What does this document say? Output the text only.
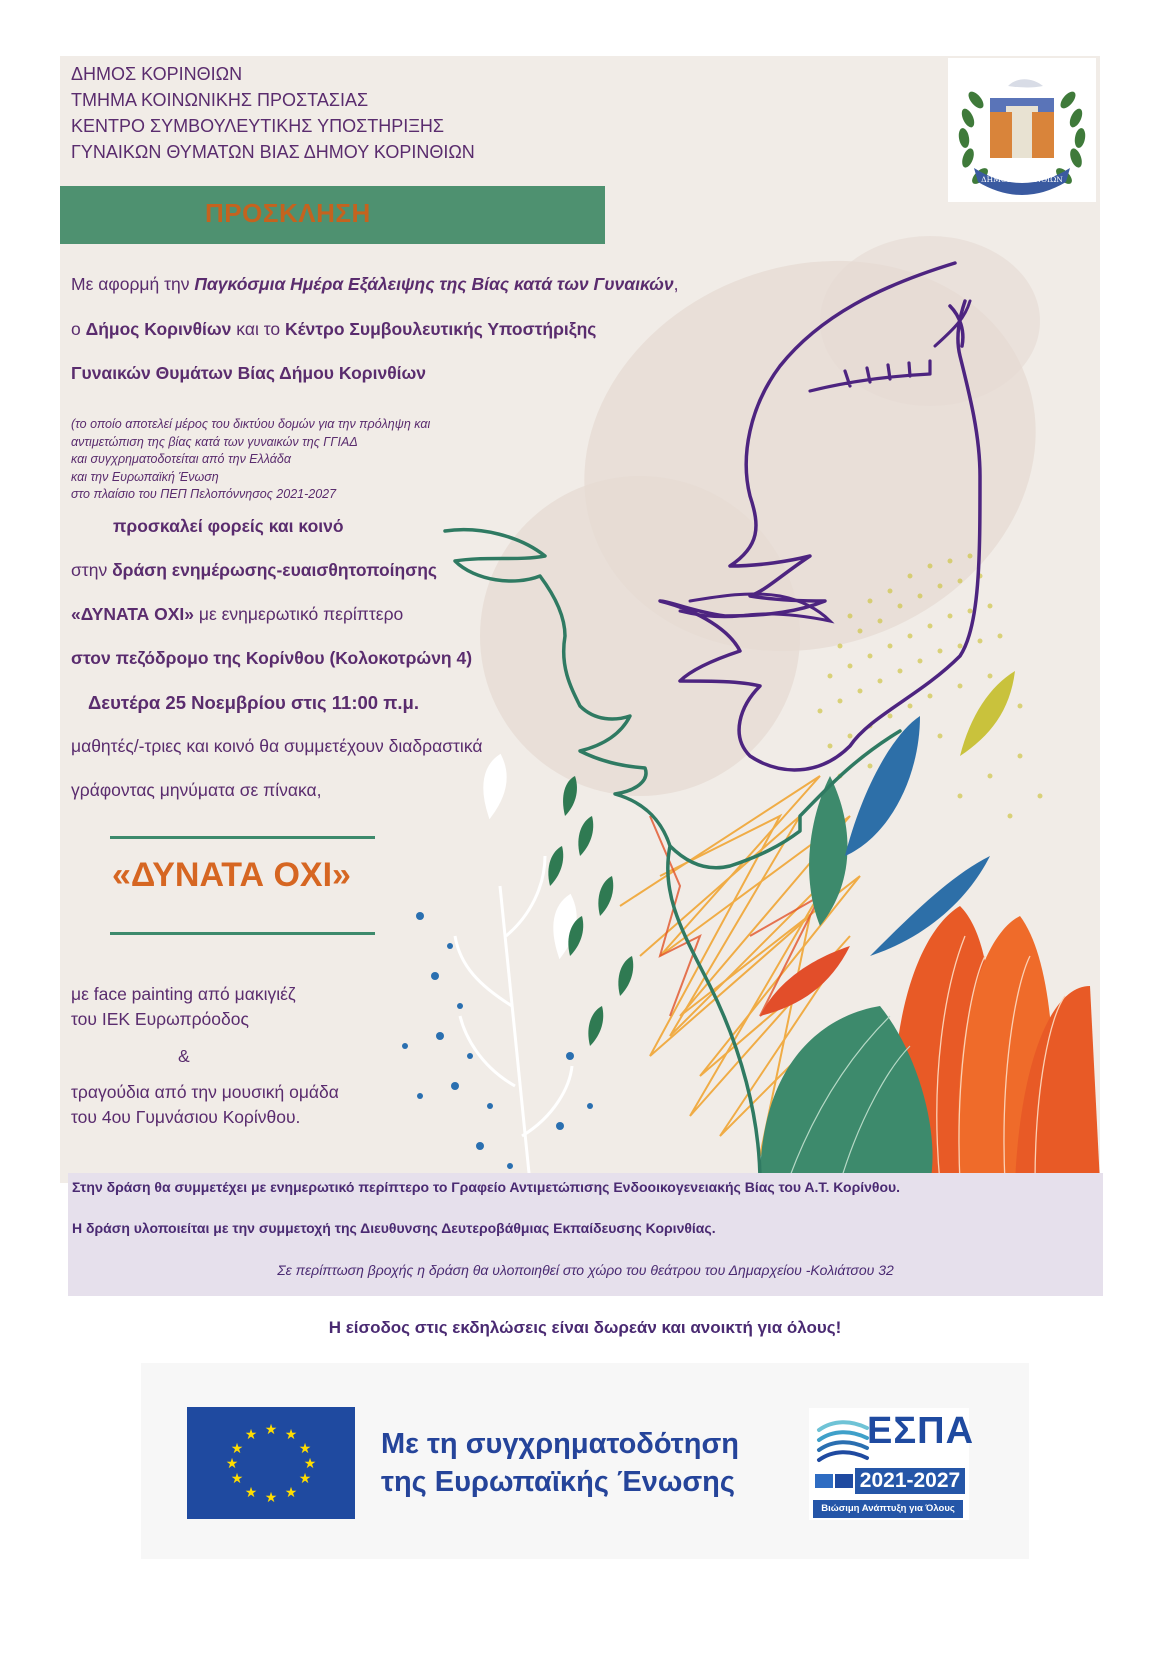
ΔΗΜΟΣ ΚΟΡΙΝΘΙΩΝ
ΤΜΗΜΑ ΚΟΙΝΩΝΙΚΗΣ ΠΡΟΣΤΑΣΙΑΣ
ΚΕΝΤΡΟ ΣΥΜΒΟΥΛΕΥΤΙΚΗΣ ΥΠΟΣΤΗΡΙΞΗΣ
ΓΥΝΑΙΚΩΝ ΘΥΜΑΤΩΝ ΒΙΑΣ ΔΗΜΟΥ ΚΟΡΙΝΘΙΩΝ
ΔΗΜΟΣ ΚΟΡΙΝΘΙΩΝ
ΠΡΟΣΚΛΗΣΗ
Με αφορμή την Παγκόσμια Ημέρα Εξάλειψης της Βίας κατά των Γυναικών,
ο Δήμος Κορινθίων και το Κέντρο Συμβουλευτικής Υποστήριξης
Γυναικών Θυμάτων Βίας Δήμου Κορινθίων
(το οποίο αποτελεί μέρος του δικτύου δομών για την πρόληψη και
αντιμετώπιση της βίας κατά των γυναικών της ΓΓΙΑΔ
και συγχρηματοδοτείται από την Ελλάδα
και την Ευρωπαϊκή Ένωση
στο πλαίσιο του ΠΕΠ Πελοπόννησος 2021-2027
προσκαλεί φορείς και κοινό
στην δράση ενημέρωσης-ευαισθητοποίησης
«ΔΥΝΑΤΑ ΟΧΙ» με ενημερωτικό περίπτερο
στον πεζόδρομο της Κορίνθου (Κολοκοτρώνη 4)
Δευτέρα 25 Νοεμβρίου στις 11:00 π.μ.
μαθητές/-τριες και κοινό θα συμμετέχουν διαδραστικά
γράφοντας μηνύματα σε πίνακα,
«ΔΥΝΑΤΑ ΟΧΙ»
με face painting από μακιγιέζ
του ΙΕΚ Ευρωπρόοδος
&
τραγούδια από την μουσική ομάδα
του 4ου Γυμνάσιου Κορίνθου.
Στην δράση θα συμμετέχει με ενημερωτικό περίπτερο το Γραφείο Αντιμετώπισης Ενδοοικογενειακής Βίας του Α.Τ. Κορίνθου.
Η δράση υλοποιείται με την συμμετοχή της Διευθυνσης Δευτεροβάθμιας Εκπαίδευσης Κορινθίας.
Σε περίπτωση βροχής η δράση θα υλοποιηθεί στο χώρο του θεάτρου του Δημαρχείου -Κολιάτσου 32
Η είσοδος στις εκδηλώσεις είναι δωρεάν και ανοικτή για όλους!
★ ★
★
★
★
★
★
★
★
★
★
★	Με τη συγχρηματοδότηση
της Ευρωπαϊκής Ένωσης
ΕΣΠΑ
2021-2027
Βιώσιμη Ανάπτυξη για Όλους
